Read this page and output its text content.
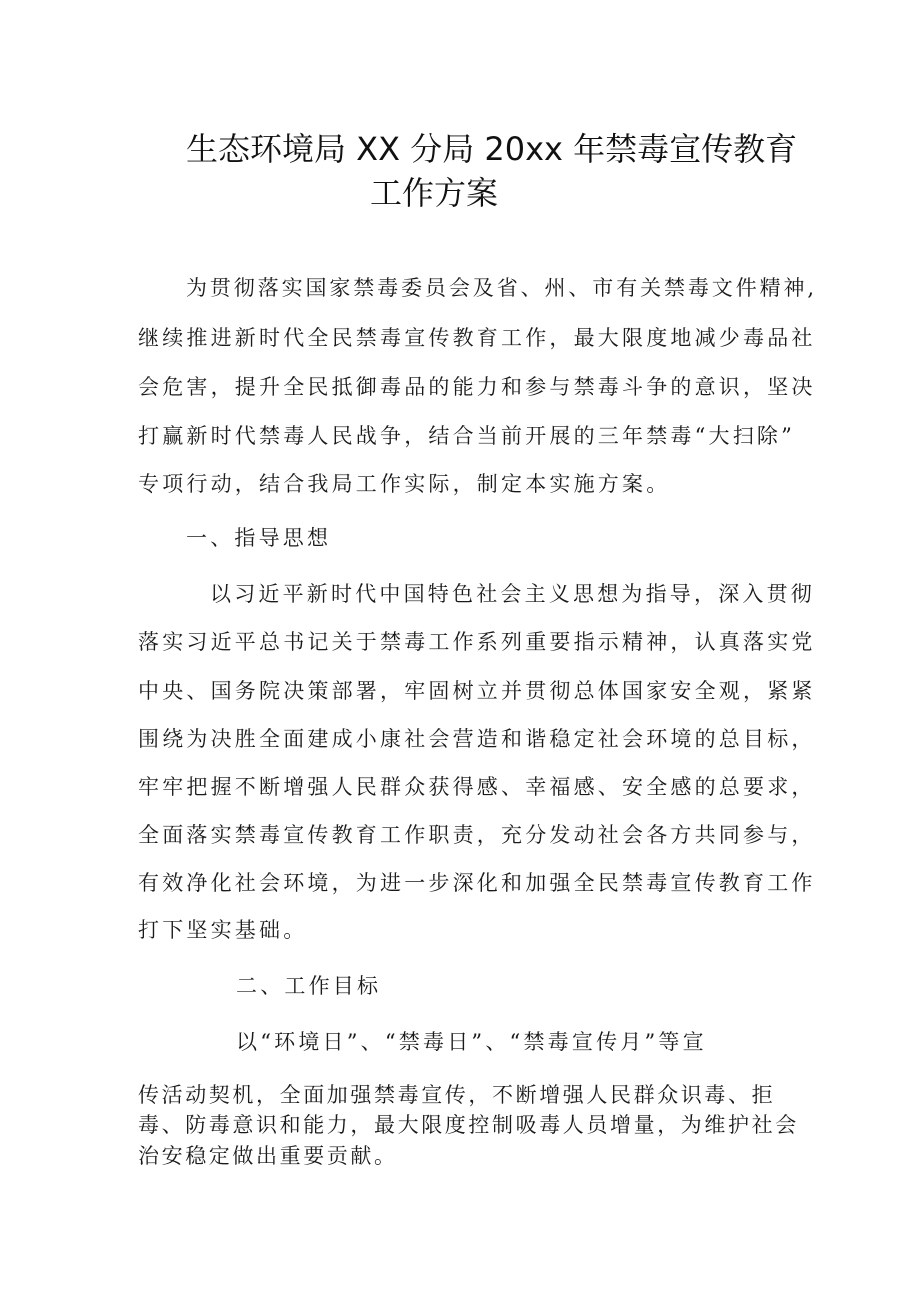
生态环境局 XX 分局 20xx 年禁毒宣传教育
工作方案
为贯彻落实国家禁毒委员会及省、州、市有关禁毒文件精神,
继续推进新时代全民禁毒宣传教育工作，最大限度地减少毒品社
会危害，提升全民抵御毒品的能力和参与禁毒斗争的意识，坚决
打赢新时代禁毒人民战争，结合当前开展的三年禁毒“大扫除”
专项行动，结合我局工作实际，制定本实施方案。
一、指导思想
以习近平新时代中国特色社会主义思想为指导，深入贯彻
落实习近平总书记关于禁毒工作系列重要指示精神，认真落实党
中央、国务院决策部署，牢固树立并贯彻总体国家安全观，紧紧
围绕为决胜全面建成小康社会营造和谐稳定社会环境的总目标，
牢牢把握不断增强人民群众获得感、幸福感、安全感的总要求，
全面落实禁毒宣传教育工作职责，充分发动社会各方共同参与，
有效净化社会环境，为进一步深化和加强全民禁毒宣传教育工作
打下坚实基础。
二、工作目标
以“环境日”、“禁毒日”、“禁毒宣传月”等宣
传活动契机，全面加强禁毒宣传，不断增强人民群众识毒、拒
毒、防毒意识和能力，最大限度控制吸毒人员增量，为维护社会
治安稳定做出重要贡献。
